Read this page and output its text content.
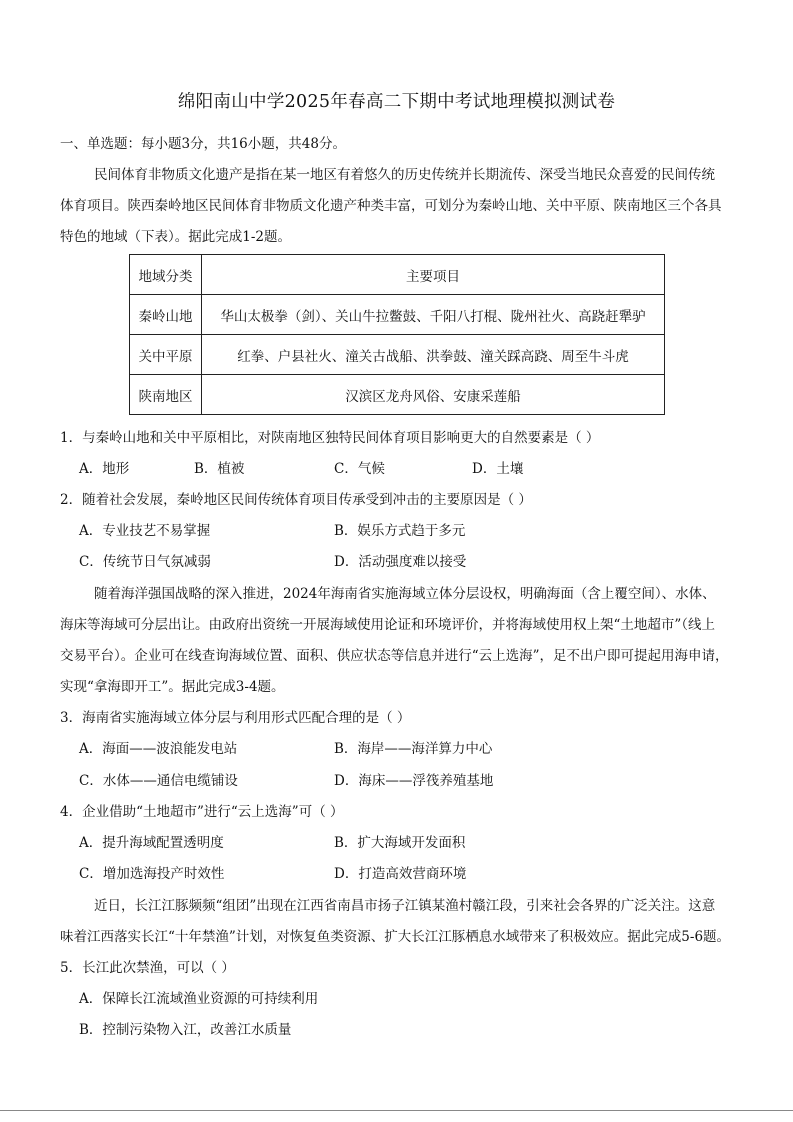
绵阳南山中学2025年春高二下期中考试地理模拟测试卷
一、单选题：每小题3分，共16小题，共48分。
民间体育非物质文化遗产是指在某一地区有着悠久的历史传统并长期流传、深受当地民众喜爱的民间传统
体育项目。陕西秦岭地区民间体育非物质文化遗产种类丰富，可划分为秦岭山地、关中平原、陕南地区三个各具
特色的地域（下表）。据此完成1-2题。
地域分类	主要项目
秦岭山地	华山太极拳（剑）、关山牛拉鳖鼓、千阳八打棍、陇州社火、高跷赶犟驴
关中平原	红拳、户县社火、潼关古战船、洪拳鼓、潼关踩高跷、周至牛斗虎
陕南地区	汉滨区龙舟风俗、安康采莲船
1．与秦岭山地和关中平原相比，对陕南地区独特民间体育项目影响更大的自然要素是（ ）
A．地形	B．植被	C．气候	D．土壤
2．随着社会发展，秦岭地区民间传统体育项目传承受到冲击的主要原因是（ ）
A．专业技艺不易掌握	B．娱乐方式趋于多元
C．传统节日气氛减弱	D．活动强度难以接受
随着海洋强国战略的深入推进，2024年海南省实施海域立体分层设权，明确海面（含上覆空间）、水体、
海床等海域可分层出让。由政府出资统一开展海域使用论证和环境评价，并将海域使用权上架“土地超市”（线上
交易平台）。企业可在线查询海域位置、面积、供应状态等信息并进行“云上选海”，足不出户即可提起用海申请，
实现“拿海即开工”。据此完成3-4题。
3．海南省实施海域立体分层与利用形式匹配合理的是（ ）
A．海面——波浪能发电站	B．海岸——海洋算力中心
C．水体——通信电缆铺设	D．海床——浮筏养殖基地
4．企业借助“土地超市”进行“云上选海”可（ ）
A．提升海域配置透明度	B．扩大海域开发面积
C．增加选海投产时效性	D．打造高效营商环境
近日，长江江豚频频“组团”出现在江西省南昌市扬子江镇某渔村赣江段，引来社会各界的广泛关注。这意
味着江西落实长江“十年禁渔”计划，对恢复鱼类资源、扩大长江江豚栖息水域带来了积极效应。据此完成5-6题。
5．长江此次禁渔，可以（ ）
A．保障长江流域渔业资源的可持续利用
B．控制污染物入江，改善江水质量
